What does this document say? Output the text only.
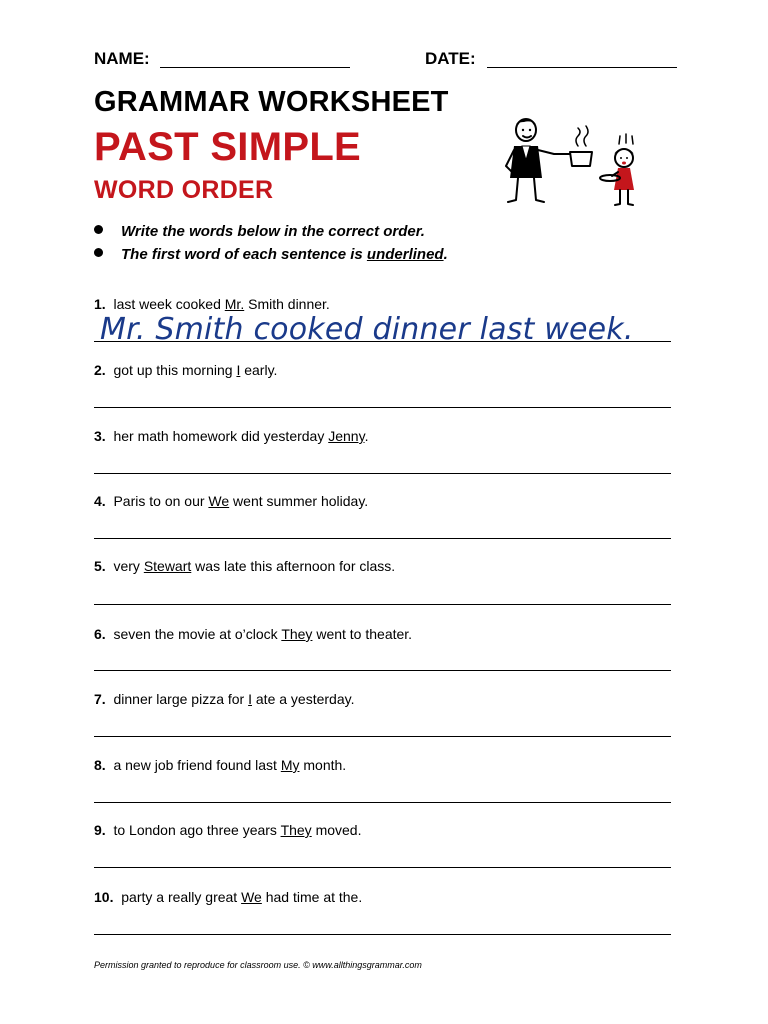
NAME:	DATE:
GRAMMAR WORKSHEET
PAST SIMPLE
WORD ORDER
Write the words below in the correct order.
The first word of each sentence is underlined.
1. last week cooked Mr. Smith dinner.
Mr. Smith cooked dinner last week.
2. got up this morning I early.
3. her math homework did yesterday Jenny.
4. Paris to on our We went summer holiday.
5. very Stewart was late this afternoon for class.
6. seven the movie at o’clock They went to theater.
7. dinner large pizza for I ate a yesterday.
8. a new job friend found last My month.
9. to London ago three years They moved.
10. party a really great We had time at the.
Permission granted to reproduce for classroom use. © www.allthingsgrammar.com
